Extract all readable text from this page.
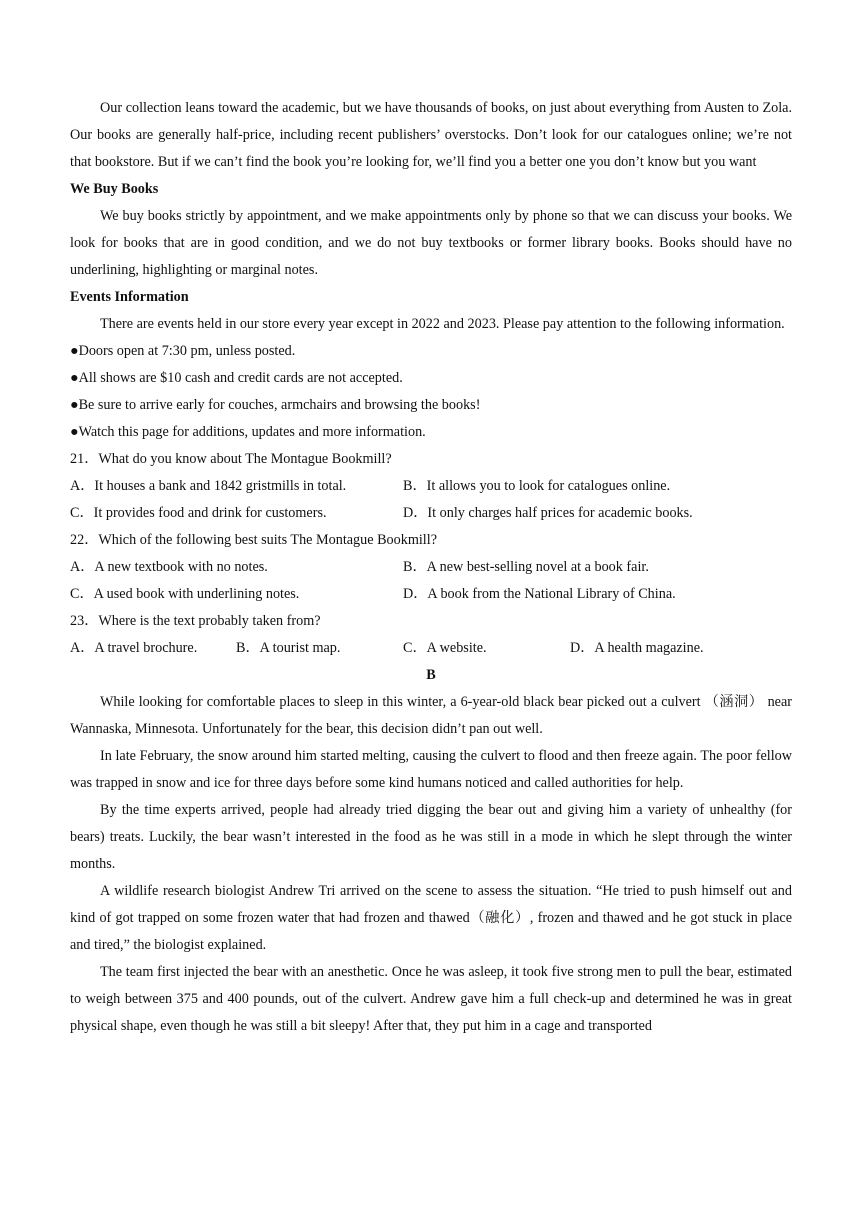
Our collection leans toward the academic, but we have thousands of books, on just about everything from Austen to Zola. Our books are generally half-price, including recent publishers’ overstocks. Don’t look for our catalogues online; we’re not that bookstore. But if we can’t find the book you’re looking for, we’ll find you a better one you don’t know but you want
We Buy Books
We buy books strictly by appointment, and we make appointments only by phone so that we can discuss your books. We look for books that are in good condition, and we do not buy textbooks or former library books. Books should have no underlining, highlighting or marginal notes.
Events Information
There are events held in our store every year except in 2022 and 2023. Please pay attention to the following information.
●Doors open at 7:30 pm, unless posted.
●All shows are $10 cash and credit cards are not accepted.
●Be sure to arrive early for couches, armchairs and browsing the books!
●Watch this page for additions, updates and more information.
21．What do you know about The Montague Bookmill?
A．It houses a bank and 1842 gristmills in total.	B．It allows you to look for catalogues online.
C．It provides food and drink for customers.	D．It only charges half prices for academic books.
22．Which of the following best suits The Montague Bookmill?
A．A new textbook with no notes.	B．A new best-selling novel at a book fair.
C．A used book with underlining notes.	D．A book from the National Library of China.
23．Where is the text probably taken from?
A．A travel brochure.	B．A tourist map.	C．A website.	D．A health magazine.
B
While looking for comfortable places to sleep in this winter, a 6-year-old black bear picked out a culvert （涵洞） near Wannaska, Minnesota. Unfortunately for the bear, this decision didn’t pan out well.
In late February, the snow around him started melting, causing the culvert to flood and then freeze again. The poor fellow was trapped in snow and ice for three days before some kind humans noticed and called authorities for help.
By the time experts arrived, people had already tried digging the bear out and giving him a variety of unhealthy (for bears) treats. Luckily, the bear wasn’t interested in the food as he was still in a mode in which he slept through the winter months.
A wildlife research biologist Andrew Tri arrived on the scene to assess the situation. “He tried to push himself out and kind of got trapped on some frozen water that had frozen and thawed（融化）, frozen and thawed and he got stuck in place and tired,” the biologist explained.
The team first injected the bear with an anesthetic. Once he was asleep, it took five strong men to pull the bear, estimated to weigh between 375 and 400 pounds, out of the culvert. Andrew gave him a full check-up and determined he was in great physical shape, even though he was still a bit sleepy! After that, they put him in a cage and transported
